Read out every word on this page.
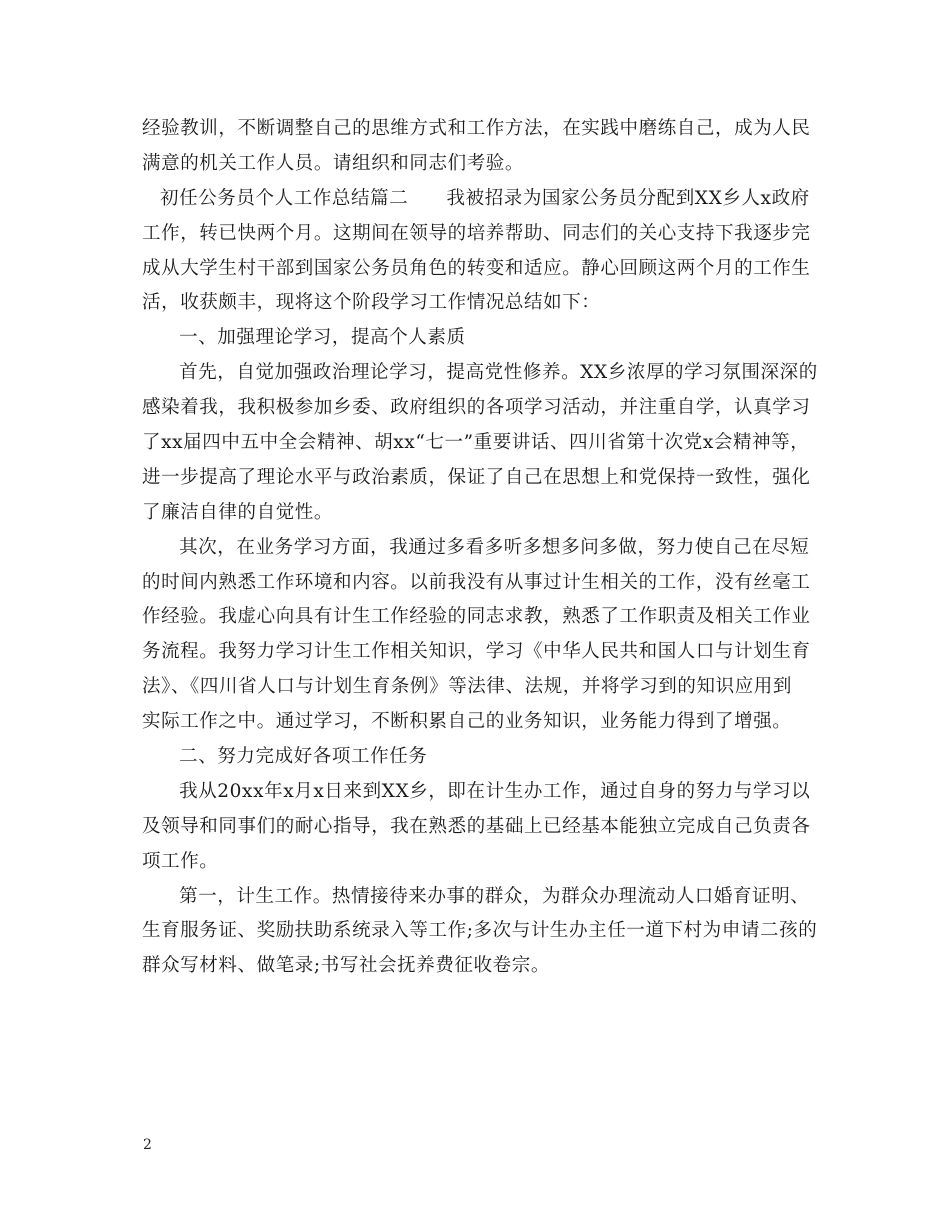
经验教训，不断调整自己的思维方式和工作方法，在实践中磨练自己，成为人民
满意的机关工作人员。请组织和同志们考验。
初任公务员个人工作总结篇二　　我被招录为国家公务员分配到XX乡人x政府
工作，转已快两个月。这期间在领导的培养帮助、同志们的关心支持下我逐步完
成从大学生村干部到国家公务员角色的转变和适应。静心回顾这两个月的工作生
活，收获颇丰，现将这个阶段学习工作情况总结如下：
　一、加强理论学习，提高个人素质
　首先，自觉加强政治理论学习，提高党性修养。XX乡浓厚的学习氛围深深的
感染着我，我积极参加乡委、政府组织的各项学习活动，并注重自学，认真学习
了xx届四中五中全会精神、胡xx“七一”重要讲话、四川省第十次党x会精神等，
进一步提高了理论水平与政治素质，保证了自己在思想上和党保持一致性，强化
了廉洁自律的自觉性。
　其次，在业务学习方面，我通过多看多听多想多问多做，努力使自己在尽短
的时间内熟悉工作环境和内容。以前我没有从事过计生相关的工作，没有丝毫工
作经验。我虚心向具有计生工作经验的同志求教，熟悉了工作职责及相关工作业
务流程。我努力学习计生工作相关知识，学习《中华人民共和国人口与计划生育
法》、《四川省人口与计划生育条例》等法律、法规，并将学习到的知识应用到
实际工作之中。通过学习，不断积累自己的业务知识，业务能力得到了增强。
　二、努力完成好各项工作任务
　我从20xx年x月x日来到XX乡，即在计生办工作，通过自身的努力与学习以
及领导和同事们的耐心指导，我在熟悉的基础上已经基本能独立完成自己负责各
项工作。
　第一，计生工作。热情接待来办事的群众，为群众办理流动人口婚育证明、
生育服务证、奖励扶助系统录入等工作;多次与计生办主任一道下村为申请二孩的
群众写材料、做笔录;书写社会抚养费征收卷宗。
2
